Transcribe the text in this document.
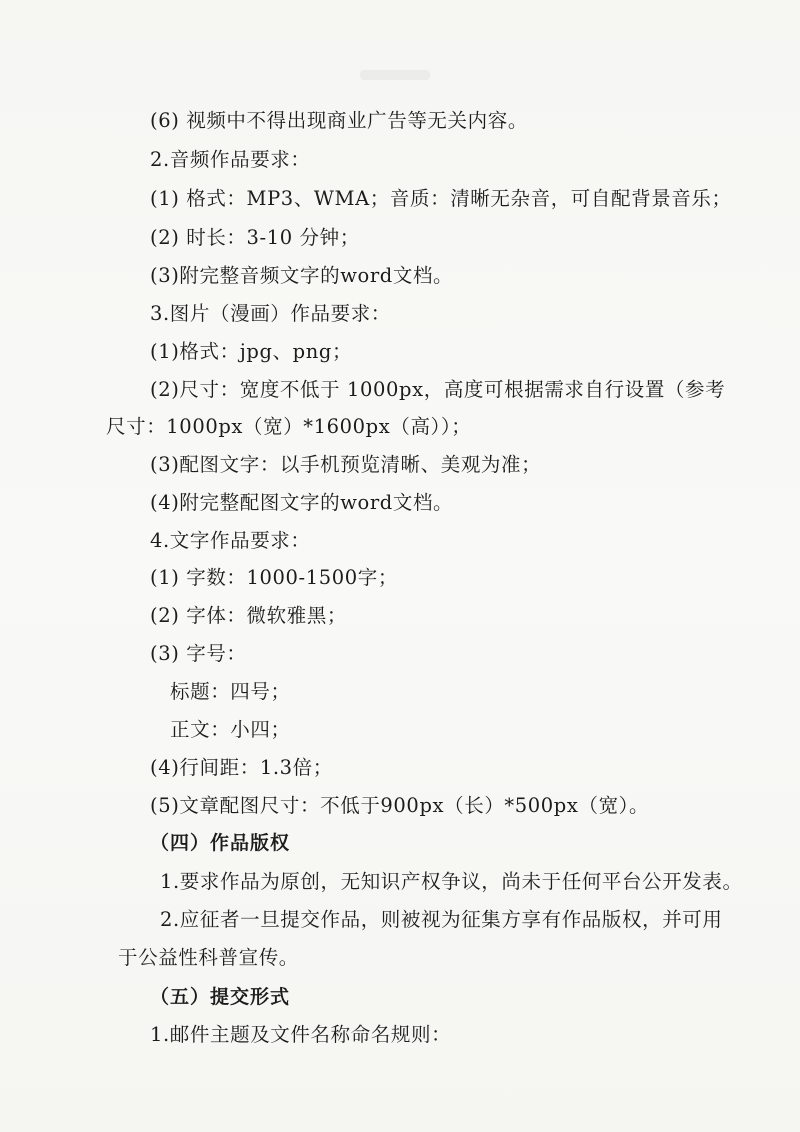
(6) 视频中不得出现商业广告等无关内容。
2.音频作品要求：
(1) 格式：MP3、WMA；音质：清晰无杂音，可自配背景音乐；
(2) 时长：3-10 分钟；
(3)附完整音频文字的word文档。
3.图片（漫画）作品要求：
(1)格式：jpg、png；
(2)尺寸：宽度不低于 1000px，高度可根据需求自行设置（参考
尺寸：1000px（宽）*1600px（高））；
(3)配图文字：以手机预览清晰、美观为准；
(4)附完整配图文字的word文档。
4.文字作品要求：
(1) 字数：1000-1500字；
(2) 字体：微软雅黑；
(3) 字号：
标题：四号；
正文：小四；
(4)行间距：1.3倍；
(5)文章配图尺寸：不低于900px（长）*500px（宽）。
（四）作品版权
1.要求作品为原创，无知识产权争议，尚未于任何平台公开发表。
2.应征者一旦提交作品，则被视为征集方享有作品版权，并可用
于公益性科普宣传。
（五）提交形式
1.邮件主题及文件名称命名规则：
